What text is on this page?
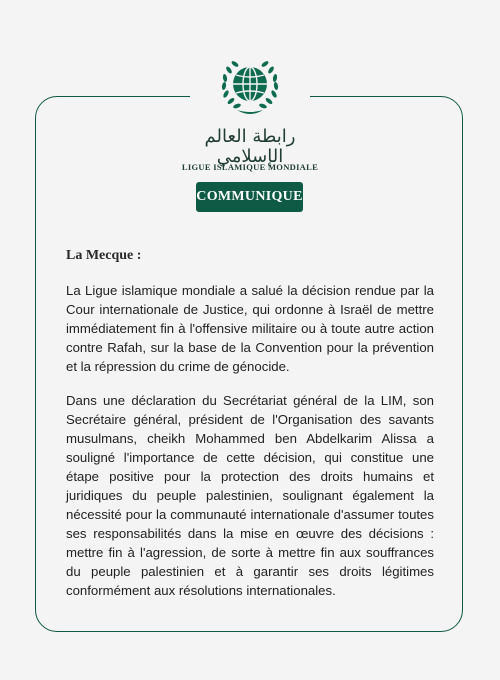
رابطة العالم الإسلامي
LIGUE ISLAMIQUE MONDIALE
COMMUNIQUE
La Mecque :

La Ligue islamique mondiale a salué la décision rendue par la Cour internationale de Justice, qui ordonne à Israël de mettre immédiatement fin à l'offensive militaire ou à toute autre action contre Rafah, sur la base de la Convention pour la prévention et la répression du crime de génocide.

Dans une déclaration du Secrétariat général de la LIM, son Secrétaire général, président de l'Organisation des savants musulmans, cheikh Mohammed ben Abdelkarim Alissa a souligné l'importance de cette décision, qui constitue une étape positive pour la protection des droits humains et juridiques du peuple palestinien, soulignant également la nécessité pour la communauté internationale d'assumer toutes ses responsabilités dans la mise en œuvre des décisions : mettre fin à l'agression, de sorte à mettre fin aux souffrances du peuple palestinien et à garantir ses droits légitimes conformément aux résolutions internationales.
